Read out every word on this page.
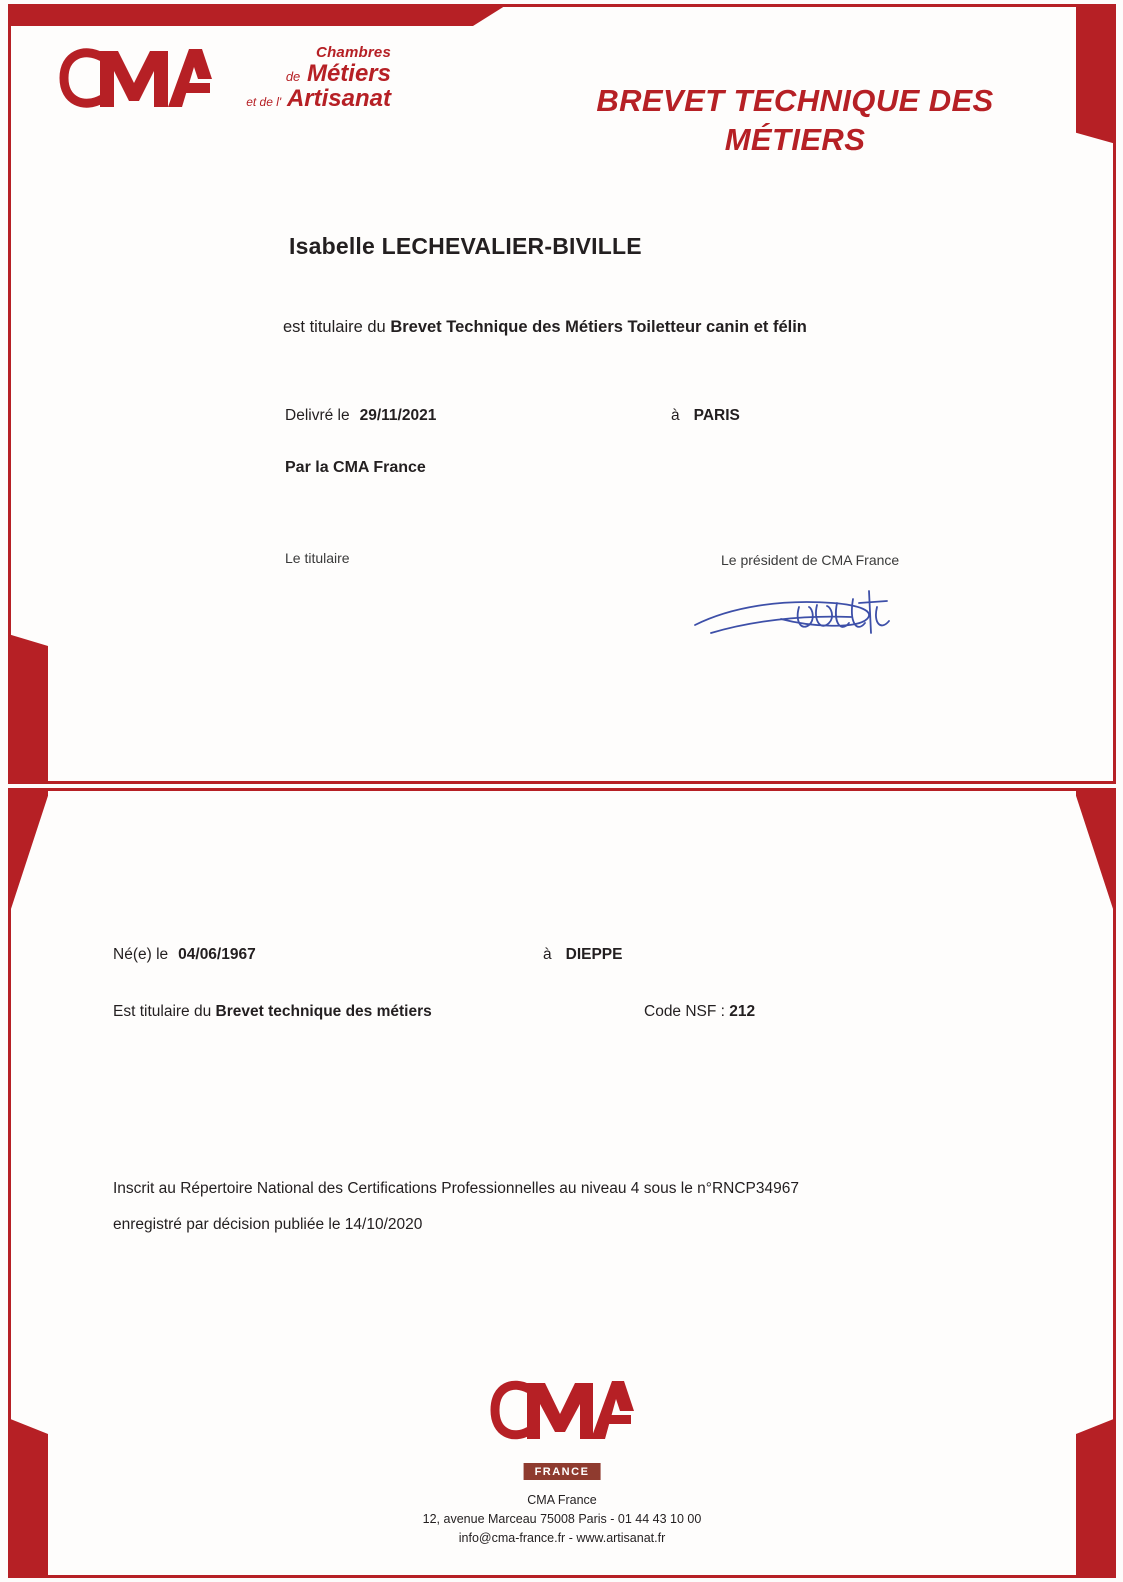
Chambres
de Métiers
et de l' Artisanat	BREVET TECHNIQUE DES
MÉTIERS
Isabelle LECHEVALIER-BIVILLE
est titulaire du Brevet Technique des Métiers Toiletteur canin et félin
Delivré le 29/11/2021	à PARIS
Par la CMA France
Le titulaire	Le président de CMA France
Né(e) le 04/06/1967	à DIEPPE
Est titulaire du Brevet technique des métiers	Code NSF : 212
Inscrit au Répertoire National des Certifications Professionnelles au niveau 4 sous le n°RNCP34967
enregistré par décision publiée le 14/10/2020
FRANCE
CMA France
12, avenue Marceau 75008 Paris - 01 44 43 10 00
info@cma-france.fr - www.artisanat.fr
